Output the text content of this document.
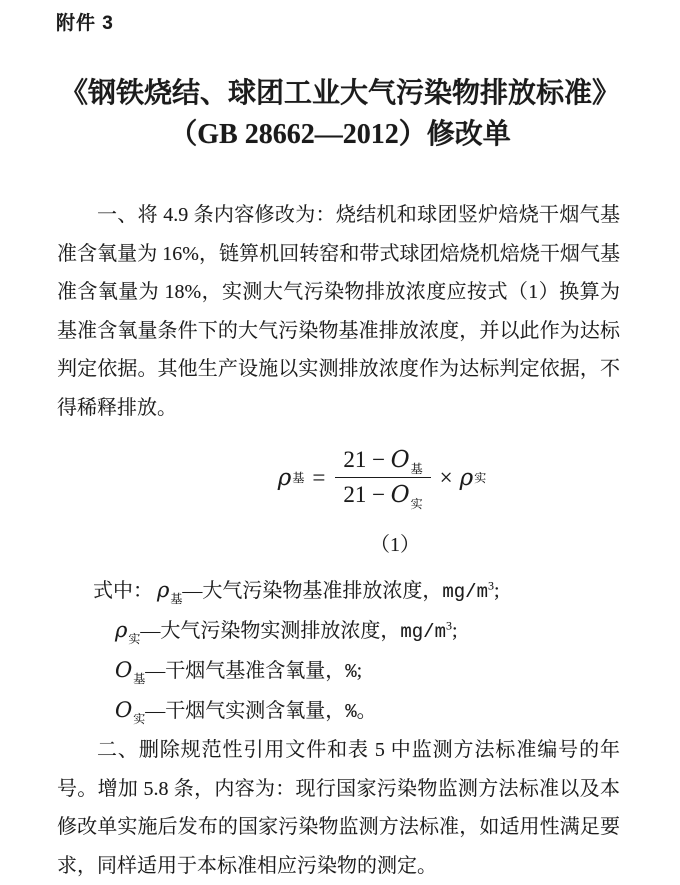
附件 3
《钢铁烧结、球团工业大气污染物排放标准》
（GB 28662—2012）修改单

一、将 4.9 条内容修改为：烧结机和球团竖炉焙烧干烟气基准含氧量为 16%，链箅机回转窑和带式球团焙烧机焙烧干烟气基准含氧量为 18%，实测大气污染物排放浓度应按式（1）换算为基准含氧量条件下的大气污染物基准排放浓度，并以此作为达标判定依据。其他生产设施以实测排放浓度作为达标判定依据，不得稀释排放。

ρ 基 = $\frac{21 - O_基}{21 - O_实} \times \rho$ 实
（1）
式中： $\rho_基—$大气污染物基准排放浓度，$mg/m^3$;
$\rho_实—$大气污染物实测排放浓度，$mg/m^3$;
$O_基—$干烟气基准含氧量，%;
$O_实—$干烟气实测含氧量，%。

二、删除规范性引用文件和表 5 中监测方法标准编号的年号。增加 5.8 条，内容为：现行国家污染物监测方法标准以及本修改单实施后发布的国家污染物监测方法标准，如适用性满足要求，同样适用于本标准相应污染物的测定。
